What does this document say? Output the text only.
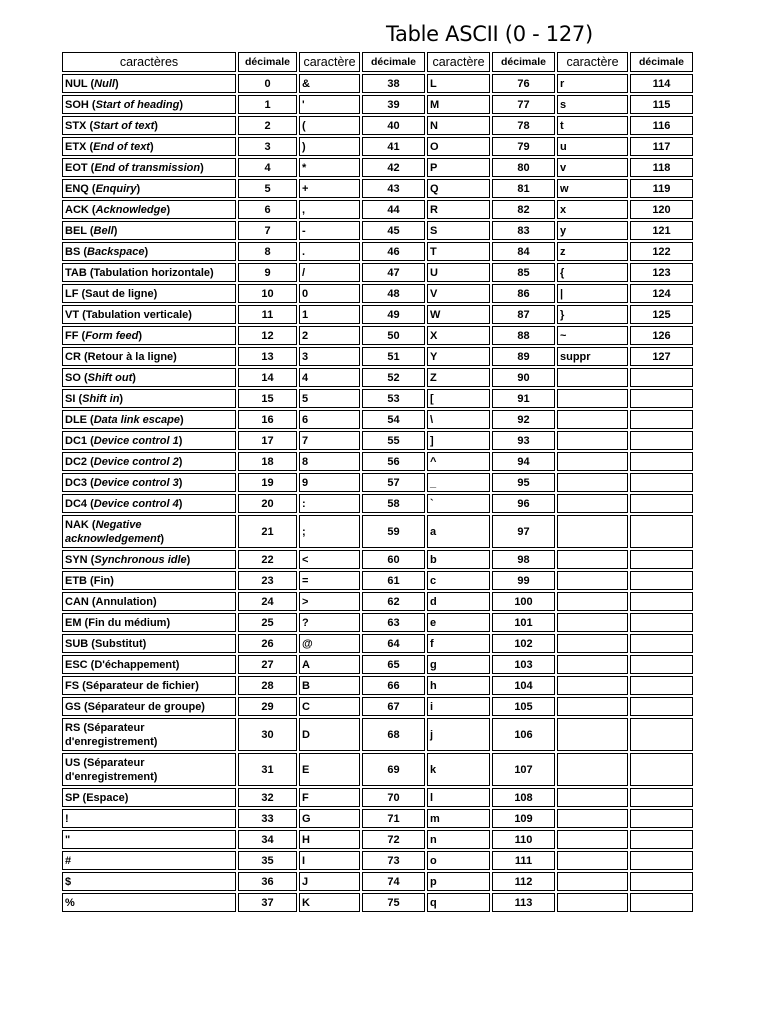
Table ASCII (0 - 127)
caractères	décimale	caractère	décimale	caractère	décimale	caractère	décimale
NUL (Null)	0	&	38	L	76	r	114
SOH (Start of heading)	1	'	39	M	77	s	115
STX (Start of text)	2	(	40	N	78	t	116
ETX (End of text)	3	)	41	O	79	u	117
EOT (End of transmission)	4	*	42	P	80	v	118
ENQ (Enquiry)	5	+	43	Q	81	w	119
ACK (Acknowledge)	6	,	44	R	82	x	120
BEL (Bell)	7	-	45	S	83	y	121
BS (Backspace)	8	.	46	T	84	z	122
TAB (Tabulation horizontale)	9	/	47	U	85	{	123
LF (Saut de ligne)	10	0	48	V	86	|	124
VT (Tabulation verticale)	11	1	49	W	87	}	125
FF (Form feed)	12	2	50	X	88	~	126
CR (Retour à la ligne)	13	3	51	Y	89	suppr	127
SO (Shift out)	14	4	52	Z	90		
SI (Shift in)	15	5	53	[	91		
DLE (Data link escape)	16	6	54	\	92		
DC1 (Device control 1)	17	7	55	]	93		
DC2 (Device control 2)	18	8	56	^	94		
DC3 (Device control 3)	19	9	57	_	95		
DC4 (Device control 4)	20	:	58	`	96		
NAK (Negative acknowledgement)	21	;	59	a	97		
SYN (Synchronous idle)	22	<	60	b	98		
ETB (Fin)	23	=	61	c	99		
CAN (Annulation)	24	>	62	d	100		
EM (Fin du médium)	25	?	63	e	101		
SUB (Substitut)	26	@	64	f	102		
ESC (D'échappement)	27	A	65	g	103		
FS (Séparateur de fichier)	28	B	66	h	104		
GS (Séparateur de groupe)	29	C	67	i	105		
RS (Séparateur d'enregistrement)	30	D	68	j	106		
US (Séparateur d'enregistrement)	31	E	69	k	107		
SP (Espace)	32	F	70	l	108		
!	33	G	71	m	109		
"	34	H	72	n	110		
#	35	I	73	o	111		
$	36	J	74	p	112		
%	37	K	75	q	113		
